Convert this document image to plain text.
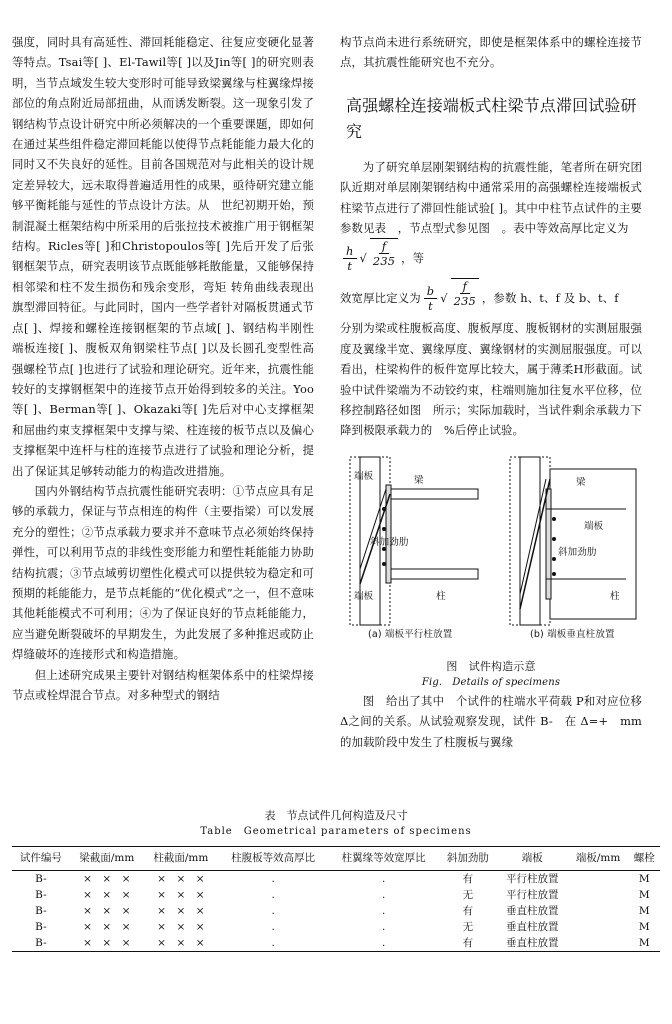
强度，同时具有高延性、滞回耗能稳定、往复应变硬化显著等特点。Tsai等[ ]、El-Tawil等[ ]以及Jin等[ ]的研究则表明，当节点域发生较大变形时可能导致梁翼缘与柱翼缘焊接部位的角点附近局部扭曲，从而诱发断裂。这一现象引发了钢结构节点设计研究中所必须解决的一个重要课题，即如何在通过某些组件稳定滞回耗能以使得节点耗能能力最大化的同时又不失良好的延性。目前各国规范对与此相关的设计规定差异较大，远未取得普遍适用性的成果，亟待研究建立能够平衡耗能与延性的节点设计方法。从　世纪初期开始，预制混凝土框架结构中所采用的后张拉技术被推广用于钢框架结构。Ricles等[ ]和Christopoulos等[ ]先后开发了后张钢框架节点，研究表明该节点既能够耗散能量，又能够保持相邻梁和柱不发生损伤和残余变形，弯矩 转角曲线表现出旗型滞回特征。与此同时，国内一些学者针对隔板贯通式节点[ ]、焊接和螺栓连接钢框架的节点域[ ]、钢结构半刚性端板连接[ ]、腹板双角钢梁柱节点[ ]以及长圆孔变型性高强螺栓节点[ ]也进行了试验和理论研究。近年来，抗震性能较好的支撑钢框架中的连接节点开始得到较多的关注。Yoo等[ ]、Berman等[ ]、Okazaki等[ ]先后对中心支撑框架和屈曲约束支撑框架中支撑与梁、柱连接的板节点以及偏心支撑框架中连杆与柱的连接节点进行了试验和理论分析，提出了保证其足够转动能力的构造改进措施。

国内外钢结构节点抗震性能研究表明：①节点应具有足够的承载力，保证与节点相连的构件（主要指梁）可以发展充分的塑性；②节点承载力要求并不意味节点必须始终保持弹性，可以利用节点的非线性变形能力和塑性耗能能力协助结构抗震；③节点域剪切塑性化模式可以提供较为稳定和可预期的耗能能力，是节点耗能的“优化模式”之一，但不意味其他耗能模式不可利用；④为了保证良好的节点耗能能力，应当避免断裂破坏的早期发生，为此发展了多种推迟或防止焊缝破坏的连接形式和构造措施。

但上述研究成果主要针对钢结构框架体系中的柱梁焊接节点或栓焊混合节点。对多种型式的钢结

构节点尚未进行系统研究，即使是框架体系中的螺栓连接节点，其抗震性能研究也不充分。

高强螺栓连接端板式柱梁节点滞回试验研究

为了研究单层刚架钢结构的抗震性能，笔者所在研究团队近期对单层刚架钢结构中通常采用的高强螺栓连接端板式柱梁节点进行了滞回性能试验[ ]。其中中柱节点试件的主要参数见表　，节点型式参见图　。表中等效高厚比定义为

$\frac{h}{t}$ √ $\frac{f}{235}$ ，等
效宽厚比定义为 $\frac{b}{t}$ √ $\frac{f}{235}$ ，参数 h、t、f 及 b、t、f

分别为梁或柱腹板高度、腹板厚度、腹板钢材的实测屈服强度及翼缘半宽、翼缘厚度、翼缘钢材的实测屈服强度。可以看出，柱梁构件的板件宽厚比较大，属于薄柔H形截面。试验中试件梁端为不动铰约束，柱端则施加往复水平位移，位移控制路径如图　所示；实际加载时，当试件剩余承载力下降到极限承载力的　%后停止试验。

端板	梁
斜加劲肋
柱
端板
梁
端板
斜加劲肋
柱
(a) 端板平行柱放置	(b) 端板垂直柱放置
图　试件构造示意
Fig.　Details of specimens

图　给出了其中　个试件的柱端水平荷载 P和对应位移 Δ之间的关系。从试验观察发现，试件 B-　在 Δ=+　mm的加载阶段中发生了柱腹板与翼缘

表　节点试件几何构造及尺寸
Table　Geometrical parameters of specimens
试件编号	梁截面/mm	柱截面/mm	柱腹板等效高厚比	柱翼缘等效宽厚比	斜加劲肋	端板	端板/mm	螺栓
B-	×　×　×	×　×　×	.	.	有	平行柱放置		M
B-	×　×　×	×　×　×	.	.	无	平行柱放置		M
B-	×　×　×	×　×　×	.	.	有	垂直柱放置		M
B-	×　×　×	×　×　×	.	.	无	垂直柱放置		M
B-	×　×　×	×　×　×	.	.	有	垂直柱放置		M
